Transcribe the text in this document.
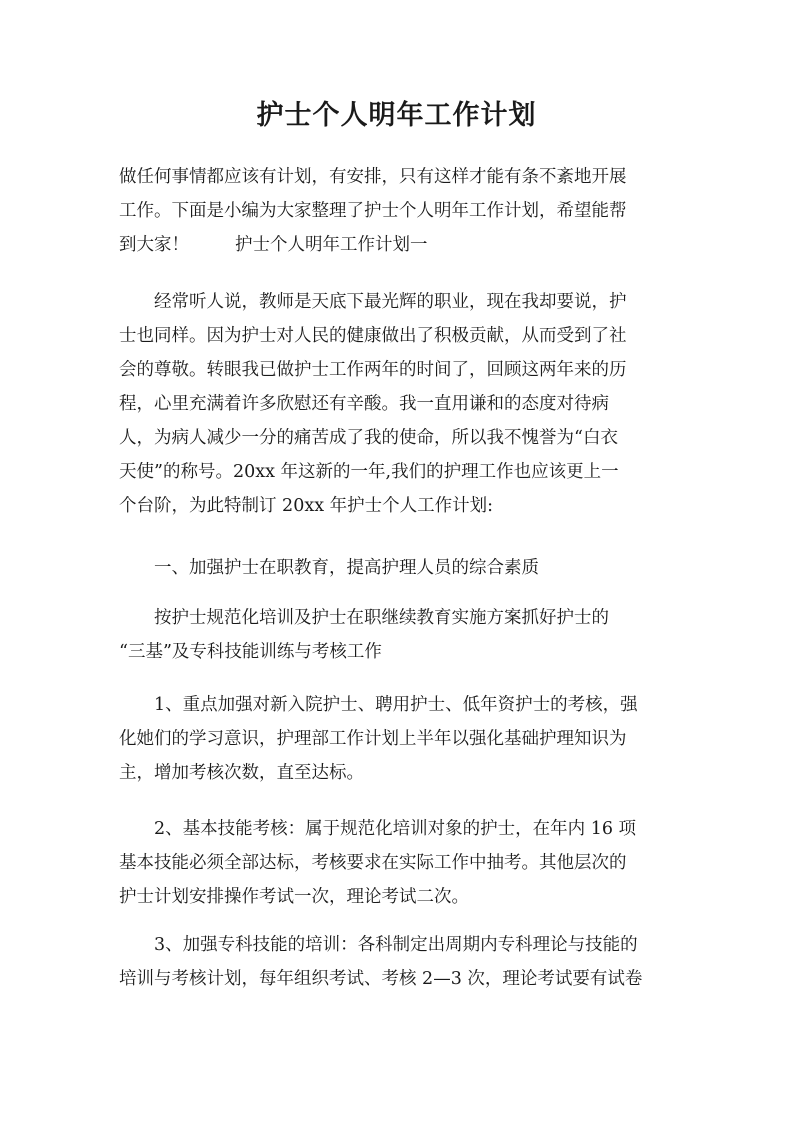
护士个人明年工作计划
做任何事情都应该有计划，有安排，只有这样才能有条不紊地开展
工作。下面是小编为大家整理了护士个人明年工作计划，希望能帮
到大家！	护士个人明年工作计划一
　　经常听人说，教师是天底下最光辉的职业，现在我却要说，护
士也同样。因为护士对人民的健康做出了积极贡献，从而受到了社
会的尊敬。转眼我已做护士工作两年的时间了，回顾这两年来的历
程，心里充满着许多欣慰还有辛酸。我一直用谦和的态度对待病
人，为病人减少一分的痛苦成了我的使命，所以我不愧誉为“白衣
天使”的称号。20xx 年这新的一年,我们的护理工作也应该更上一
个台阶，为此特制订 20xx 年护士个人工作计划:
　　一、加强护士在职教育，提高护理人员的综合素质
　　按护士规范化培训及护士在职继续教育实施方案抓好护士的
“三基”及专科技能训练与考核工作
　　1、重点加强对新入院护士、聘用护士、低年资护士的考核，强
化她们的学习意识，护理部工作计划上半年以强化基础护理知识为
主，增加考核次数，直至达标。
　　2、基本技能考核：属于规范化培训对象的护士，在年内 16 项
基本技能必须全部达标，考核要求在实际工作中抽考。其他层次的
护士计划安排操作考试一次，理论考试二次。
　　3、加强专科技能的培训：各科制定出周期内专科理论与技能的
培训与考核计划，每年组织考试、考核 2—3 次，理论考试要有试卷
